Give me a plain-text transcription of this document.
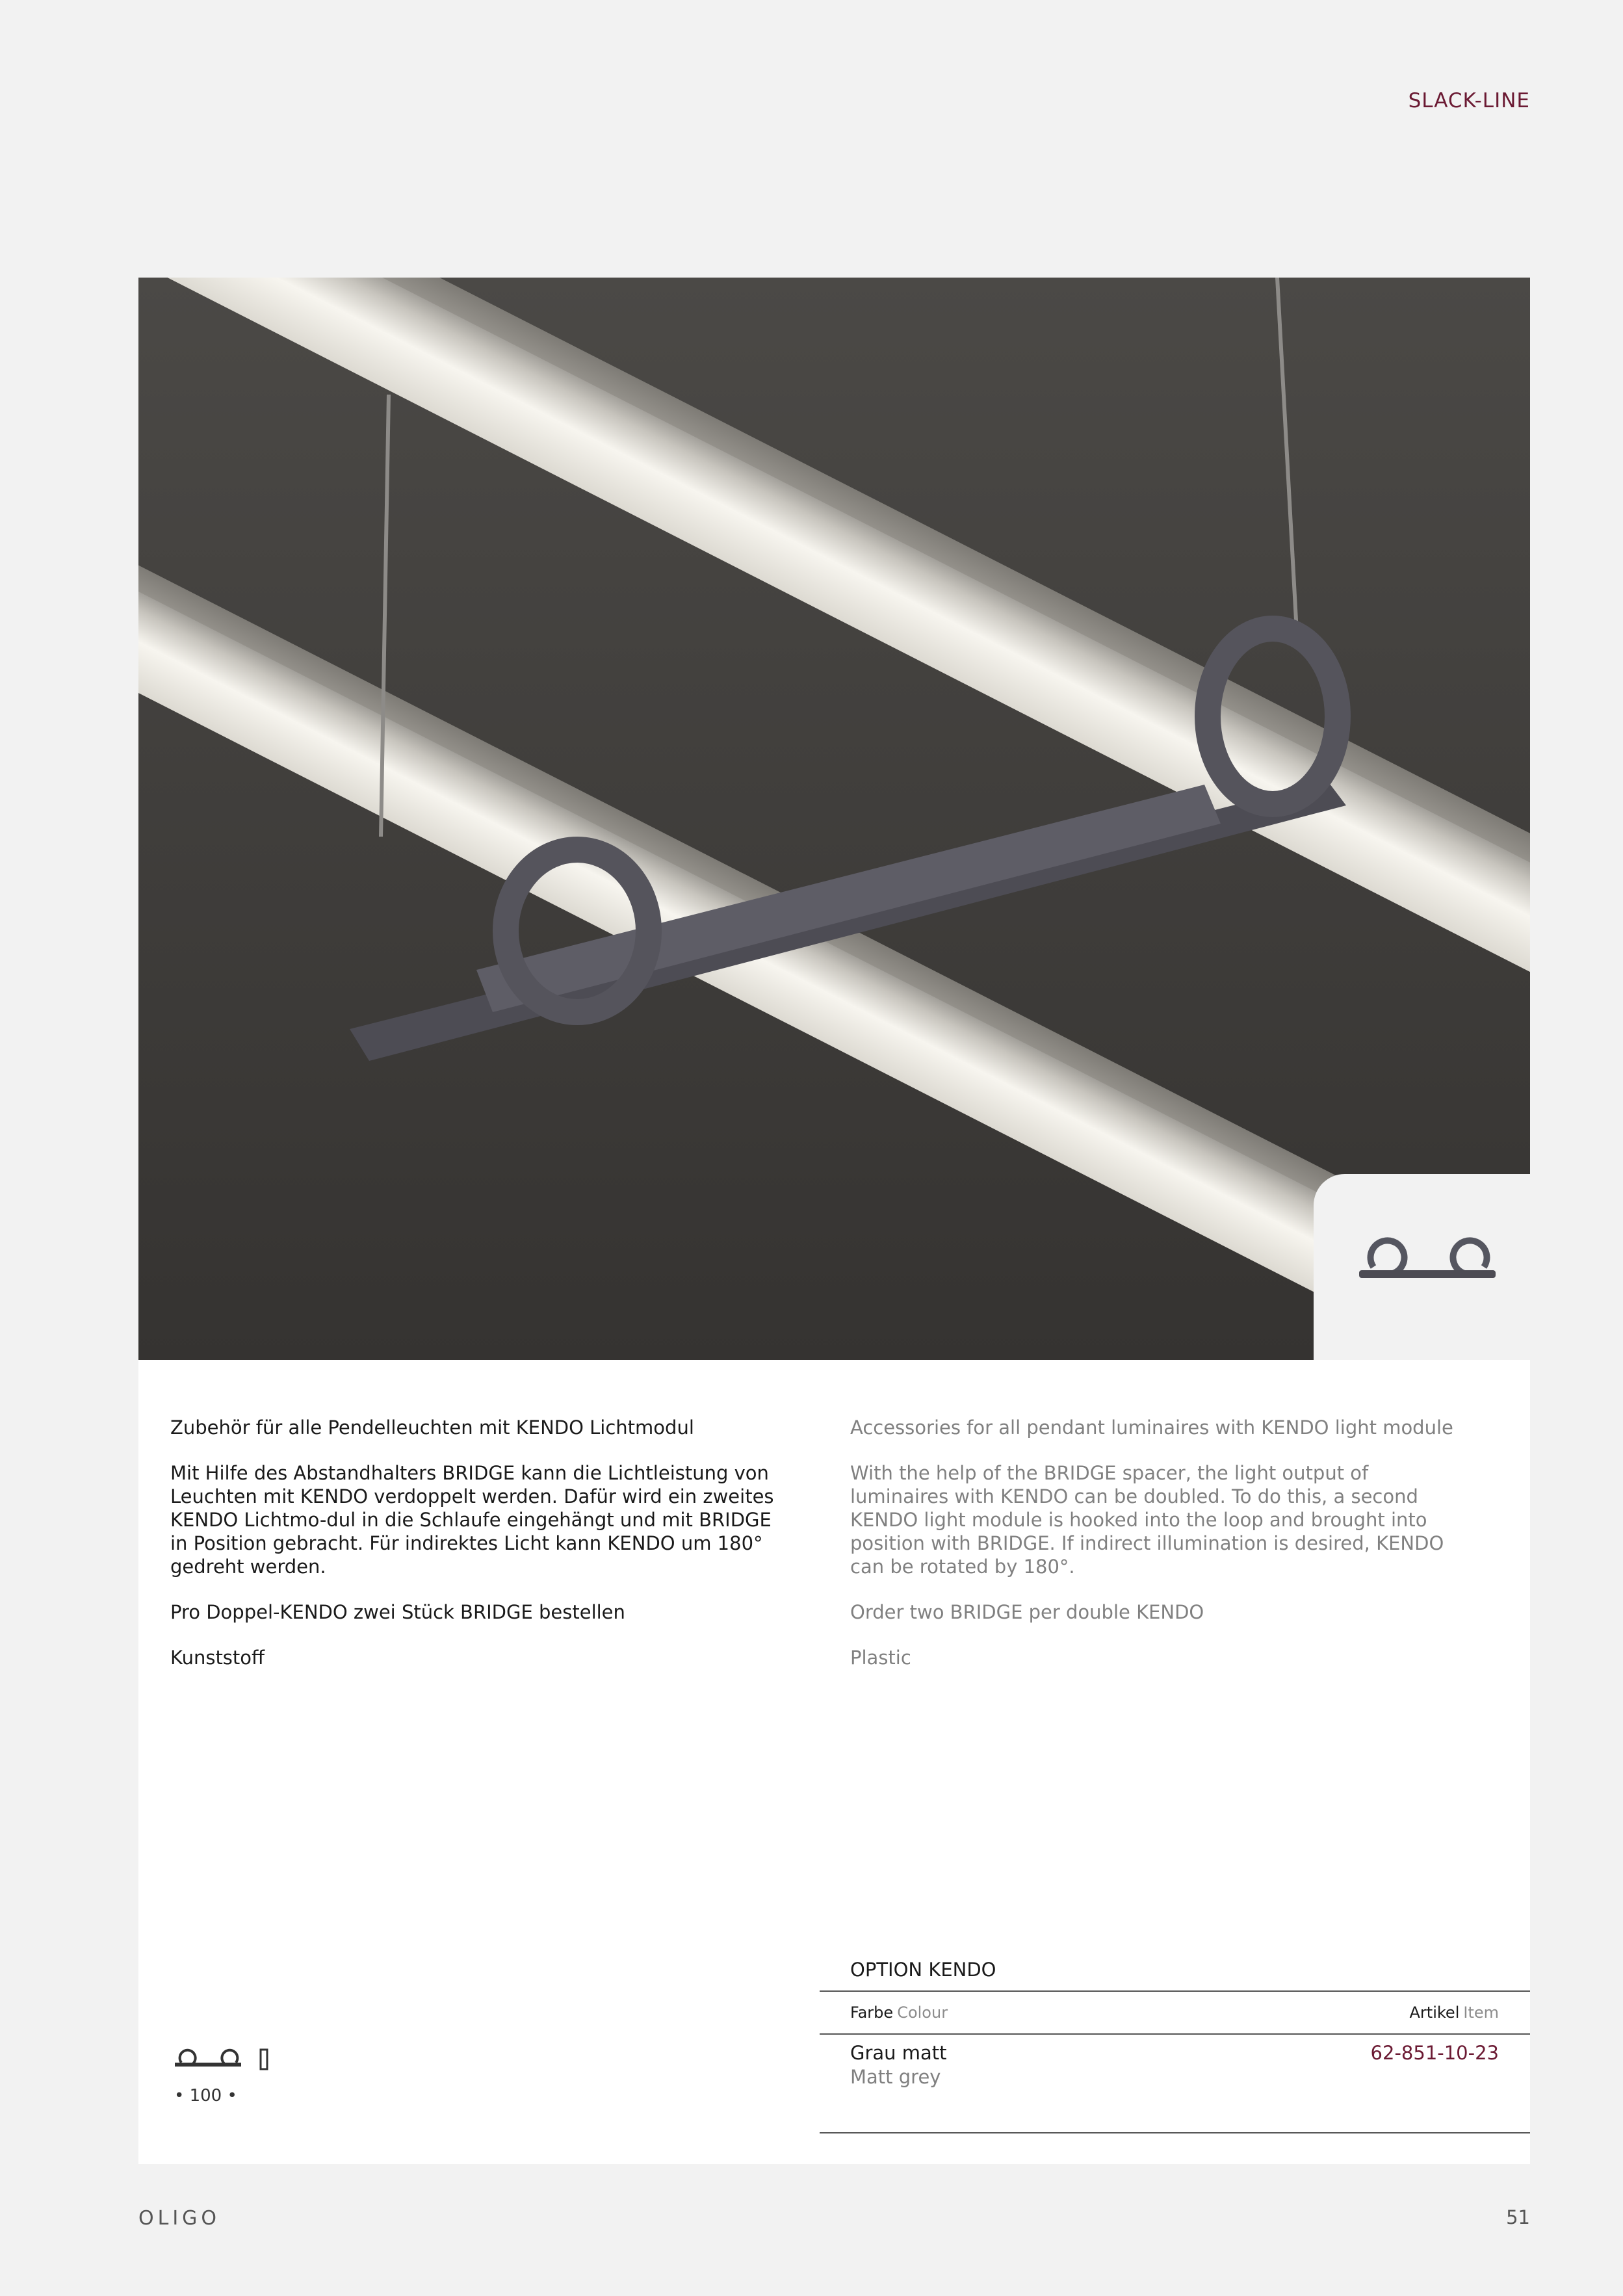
SLACK-LINE

Zubehör für alle Pendelleuchten mit KENDO Lichtmodul

Mit Hilfe des Abstandhalters BRIDGE kann die Lichtleistung von Leuchten mit KENDO verdoppelt werden. Dafür wird ein zweites KENDO Lichtmo-dul in die Schlaufe eingehängt und mit BRIDGE in Position gebracht. Für indirektes Licht kann KENDO um 180° gedreht werden.

Pro Doppel-KENDO zwei Stück BRIDGE bestellen

Kunststoff

Accessories for all pendant luminaires with KENDO light module

With the help of the BRIDGE spacer, the light output of luminaires with KENDO can be doubled. To do this, a second KENDO light module is hooked into the loop and brought into position with BRIDGE. If indirect illumination is desired, KENDO can be rotated by 180°.

Order two BRIDGE per double KENDO

Plastic

OPTION KENDO
Farbe Colour	Artikel Item
Grau matt
Matt grey
62-851-10-23
• 100 •
OLIGO	51
